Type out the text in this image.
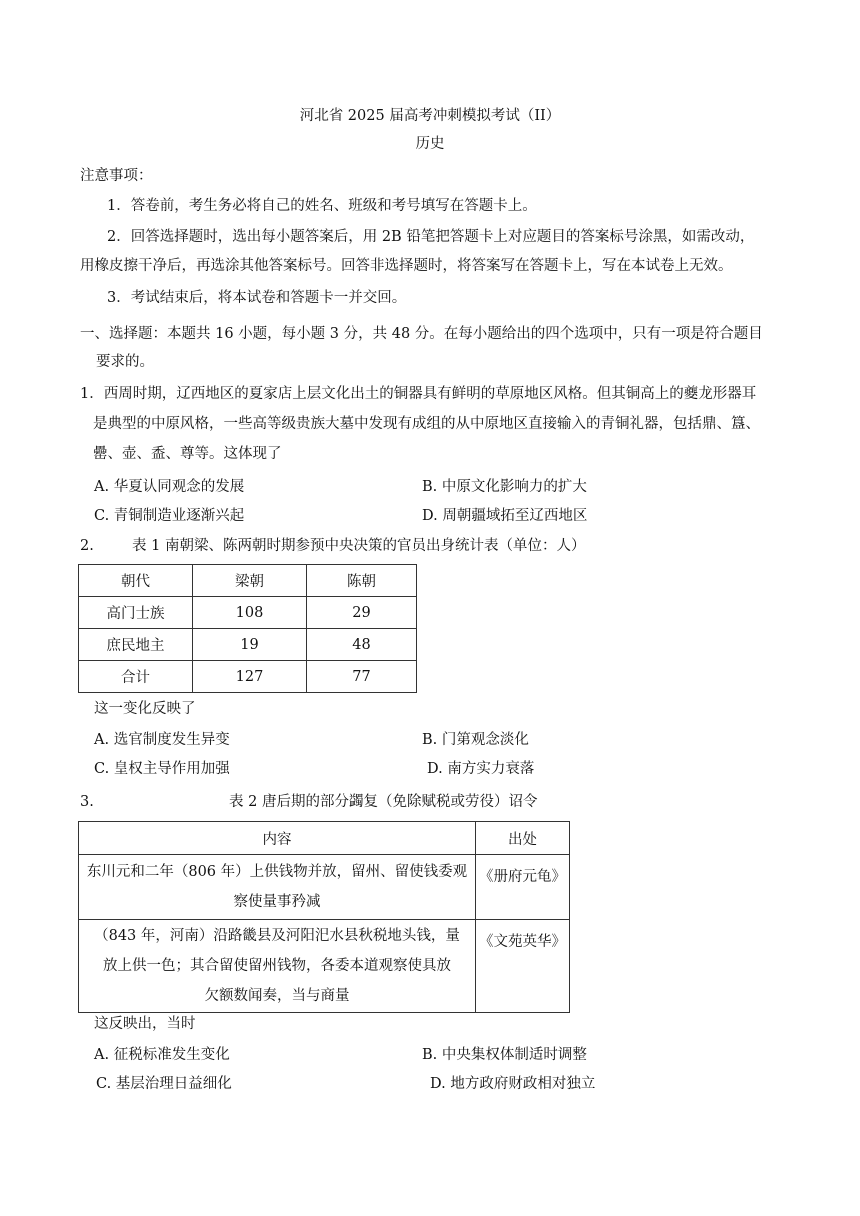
河北省 2025 届高考冲刺模拟考试（II）
历史
注意事项：
1．答卷前，考生务必将自己的姓名、班级和考号填写在答题卡上。
2．回答选择题时，选出每小题答案后，用 2B 铅笔把答题卡上对应题目的答案标号涂黑，如需改动，
用橡皮擦干净后，再选涂其他答案标号。回答非选择题时，将答案写在答题卡上，写在本试卷上无效。
3．考试结束后，将本试卷和答题卡一并交回。
一、选择题：本题共 16 小题，每小题 3 分，共 48 分。在每小题给出的四个选项中，只有一项是符合题目
要求的。
1．西周时期，辽西地区的夏家店上层文化出土的铜器具有鲜明的草原地区风格。但其铜高上的夔龙形器耳
是典型的中原风格，一些高等级贵族大墓中发现有成组的从中原地区直接输入的青铜礼器，包括鼎、簋、
罍、壶、盉、尊等。这体现了
A. 华夏认同观念的发展	B. 中原文化影响力的扩大
C. 青铜制造业逐渐兴起	D. 周朝疆域拓至辽西地区
2.	表 1 南朝梁、陈两朝时期参预中央决策的官员出身统计表（单位：人）
朝代	梁朝	陈朝
高门士族	108	29
庶民地主	19	48
合计	127	77
这一变化反映了
A. 选官制度发生异变	B. 门第观念淡化
C. 皇权主导作用加强	D. 南方实力衰落
3.	表 2 唐后期的部分蠲复（免除赋税或劳役）诏令
内容	出处

东川元和二年（806 年）上供钱物并放，留州、留使钱委观
察使量事矜减	《册府元龟》

（843 年，河南）沿路畿县及河阳汜水县秋税地头钱，量
放上供一色；其合留使留州钱物，各委本道观察使具放
欠额数闻奏，当与商量	《文苑英华》
这反映出，当时
A. 征税标准发生变化	B. 中央集权体制适时调整
C. 基层治理日益细化	D. 地方政府财政相对独立
